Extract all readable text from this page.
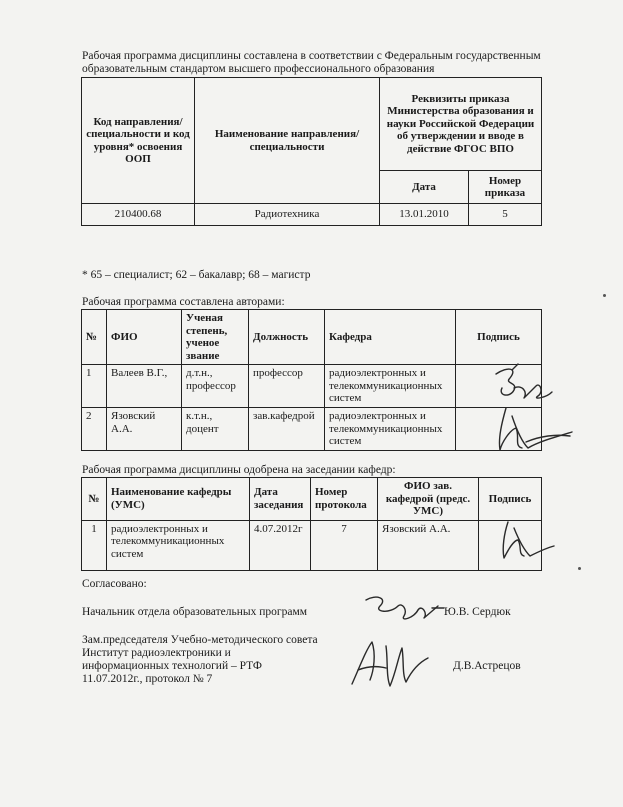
Рабочая программа дисциплины составлена в соответствии с Федеральным государственным
образовательным стандартом высшего профессионального образования
Код направления/ специальности и код уровня* освоения ООП	Наименование направления/ специальности	Реквизиты приказа Министерства образования и науки Российской Федерации об утверждении и вводе в действие ФГОС ВПО	
		Дата	Номер приказа
210400.68	Радиотехника	13.01.2010	5
* 65 – специалист; 62 – бакалавр; 68 – магистр
Рабочая программа составлена авторами:
№	ФИО	Ученая степень, ученое звание	Должность	Кафедра	Подпись
1	Валеев В.Г.,	д.т.н., профессор	профессор	радиоэлектронных и телекоммуникационных систем	
2	Язовский А.А.	к.т.н., доцент	зав.кафедрой	радиоэлектронных и телекоммуникационных систем	
Рабочая программа дисциплины одобрена на заседании кафедр:
№	Наименование кафедры (УМС)	Дата заседания	Номер протокола	ФИО зав. кафедрой (предс. УМС)	Подпись
1	радиоэлектронных и телекоммуникационных систем	4.07.2012г	7	Язовский А.А.	
Согласовано:
Начальник отдела образовательных программ	Ю.В. Сердюк
Зам.председателя Учебно-методического совета
Институт радиоэлектроники и
информационных технологий – РТФ
11.07.2012г., протокол № 7
Д.В.Астрецов
